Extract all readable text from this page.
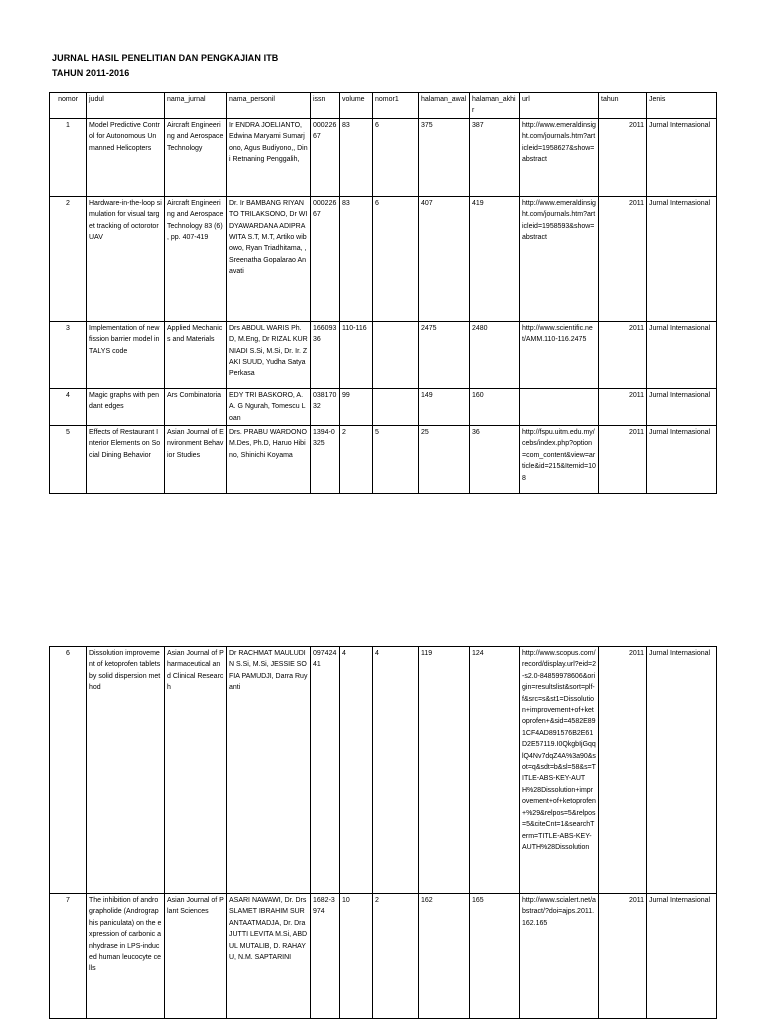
JURNAL HASIL PENELITIAN DAN PENGKAJIAN ITB
TAHUN 2011-2016
nomor	judul	nama_jurnal	nama_personil	issn	volume	nomor1	halaman_awal	halaman_akhir	url	tahun	Jenis
1	Model Predictive Control for Autonomous Unmanned Helicopters	Aircraft Engineering and Aerospace Technology	Ir ENDRA JOELIANTO, Edwina Maryami Sumarjono, Agus Budiyono,, Dini Retnaning Penggalih,	00022667	83	6	375	387	http://www.emeraldinsight.com/journals.htm?articleid=1958627&show=abstract	2011	Jurnal Internasional
2	Hardware-in-the-loop simulation for visual target tracking of octorotor UAV	Aircraft Engineering and Aerospace Technology 83 (6) , pp. 407-419	Dr. Ir BAMBANG RIYANTO TRILAKSONO, Dr WIDYAWARDANA ADIPRAWITA S.T, M.T, Artiko wibowo, Ryan Triadhitama, , Sreenatha Gopalarao Anavati	00022667	83	6	407	419	http://www.emeraldinsight.com/journals.htm?articleid=1958593&show=abstract	2011	Jurnal Internasional
3	Implementation of new fission barrier model in TALYS code	Applied Mechanics and Materials	Drs ABDUL WARIS Ph.D, M.Eng, Dr RIZAL KURNIADI S.Si, M.Si, Dr. Ir. ZAKI SUUD, Yudha Satya Perkasa	16609336	110-116		2475	2480	http://www.scientific.net/AMM.110-116.2475	2011	Jurnal Internasional
4	Magic graphs with pendant edges	Ars Combinatoria	EDY TRI BASKORO, A. A. G Ngurah, Tomescu Loan	03817032	99		149	160		2011	Jurnal Internasional
5	Effects of Restaurant Interior Elements on Social Dining Behavior	Asian Journal of Environment Behavior Studies	Drs. PRABU WARDONO M.Des, Ph.D, Haruo Hibino, Shinichi Koyama	1394-0325	2	5	25	36	http://fspu.uitm.edu.my/cebs/index.php?option=com_content&view=article&id=215&Itemid=108	2011	Jurnal Internasional
6	Dissolution improvement of ketoprofen tablets by solid dispersion method	Asian Journal of Pharmaceutical and Clinical Research	Dr RACHMAT MAULUDIN S.Si, M.Si, JESSIE SOFIA PAMUDJI, Darra Ruyanti	09742441	4	4	119	124	http://www.scopus.com/record/display.url?eid=2-s2.0-84859978606&origin=resultslist&sort=plf-f&src=s&st1=Dissolution+improvement+of+ketoprofen+&sid=4582E891CF4AD891576B2E61D2E57119.I0QkgbIjGqqlQ4Nv7dqZ4A%3a90&sot=q&sdt=b&sl=58&s=TITLE-ABS-KEY-AUTH%28Dissolution+improvement+of+ketoprofen+%29&relpos=5&relpos=5&citeCnt=1&searchTerm=TITLE-ABS-KEY-AUTH%28Dissolution	2011	Jurnal Internasional
7	The inhibition of andrographolide (Andrographis paniculata) on the expression of carbonic anhydrase in LPS-induced human leucocyte cells	Asian Journal of Plant Sciences	ASARI NAWAWI, Dr. Drs SLAMET IBRAHIM SURANTAATMADJA, Dr. Dra JUTTI LEVITA M.Si, ABDUL MUTALIB, D. RAHAYU, N.M. SAPTARINI	1682-3974	10	2	162	165	http://www.scialert.net/abstract/?doi=ajps.2011.162.165	2011	Jurnal Internasional
